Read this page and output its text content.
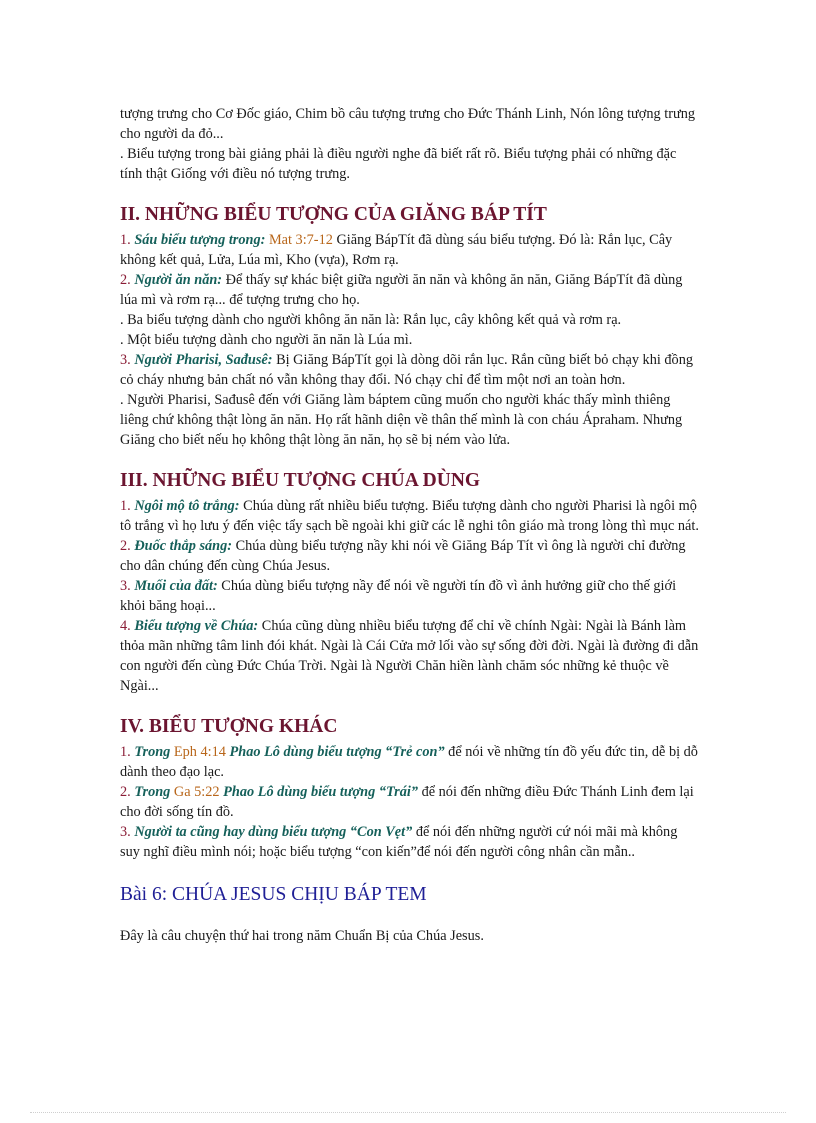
tượng trưng cho Cơ Đốc giáo, Chim bồ câu tượng trưng cho Đức Thánh Linh, Nón lông tượng trưng cho người da đỏ...

. Biểu tượng trong bài giảng phải là điều người nghe đã biết rất rõ. Biểu tượng phải có những đặc tính thật Giống với điều nó tượng trưng.

II. NHỮNG BIỂU TƯỢNG CỦA GIĂNG BÁP TÍT

1. Sáu biểu tượng trong: Mat 3:7-12 Giăng BápTít đã dùng sáu biểu tượng. Đó là: Rắn lục, Cây không kết quả, Lửa, Lúa mì, Kho (vựa), Rơm rạ.

2. Người ăn năn: Để thấy sự khác biệt giữa người ăn năn và không ăn năn, Giăng BápTít đã dùng lúa mì và rơm rạ... để tượng trưng cho họ.

. Ba biểu tượng dành cho người không ăn năn là: Rắn lục, cây không kết quả và rơm rạ.

. Một biểu tượng dành cho người ăn năn là Lúa mì.

3. Người Pharisi, Sađusê: Bị Giăng BápTít gọi là dòng dõi rắn lục. Rắn cũng biết bỏ chạy khi đồng cỏ cháy nhưng bản chất nó vẫn không thay đổi. Nó chạy chỉ để tìm một nơi an toàn hơn.

. Người Pharisi, Sađusê đến với Giăng làm báptem cũng muốn cho người khác thấy mình thiêng liêng chứ không thật lòng ăn năn. Họ rất hãnh diện về thân thế mình là con cháu Ápraham. Nhưng Giăng cho biết nếu họ không thật lòng ăn năn, họ sẽ bị ném vào lửa.

III. NHỮNG BIỂU TƯỢNG CHÚA DÙNG

1. Ngôi mộ tô trắng: Chúa dùng rất nhiều biểu tượng. Biểu tượng dành cho người Pharisi là ngôi mộ tô trắng vì họ lưu ý đến việc tẩy sạch bề ngoài khi giữ các lễ nghi tôn giáo mà trong lòng thì mục nát.

2. Đuốc thắp sáng: Chúa dùng biểu tượng nầy khi nói về Giăng Báp Tít vì ông là người chỉ đường cho dân chúng đến cùng Chúa Jesus.

3. Muối của đất: Chúa dùng biểu tượng nầy để nói về người tín đồ vì ảnh hưởng giữ cho thế giới khỏi băng hoại...

4. Biểu tượng về Chúa: Chúa cũng dùng nhiều biểu tượng để chỉ về chính Ngài: Ngài là Bánh làm thỏa mãn những tâm linh đói khát. Ngài là Cái Cửa mở lối vào sự sống đời đời. Ngài là đường đi dẫn con người đến cùng Đức Chúa Trời. Ngài là Người Chăn hiền lành chăm sóc những kẻ thuộc về Ngài...

IV. BIỂU TƯỢNG KHÁC

1. Trong Eph 4:14 Phao Lô dùng biểu tượng “Trẻ con” để nói về những tín đồ yếu đức tin, dễ bị dỗ dành theo đạo lạc.

2. Trong Ga 5:22 Phao Lô dùng biểu tượng “Trái” để nói đến những điều Đức Thánh Linh đem lại cho đời sống tín đồ.

3. Người ta cũng hay dùng biểu tượng “Con Vẹt” để nói đến những người cứ nói mãi mà không suy nghĩ điều mình nói; hoặc biểu tượng “con kiến”để nói đến người công nhân cần mẫn..

Bài 6: CHÚA JESUS CHỊU BÁP TEM

Đây là câu chuyện thứ hai trong năm Chuẩn Bị của Chúa Jesus.
